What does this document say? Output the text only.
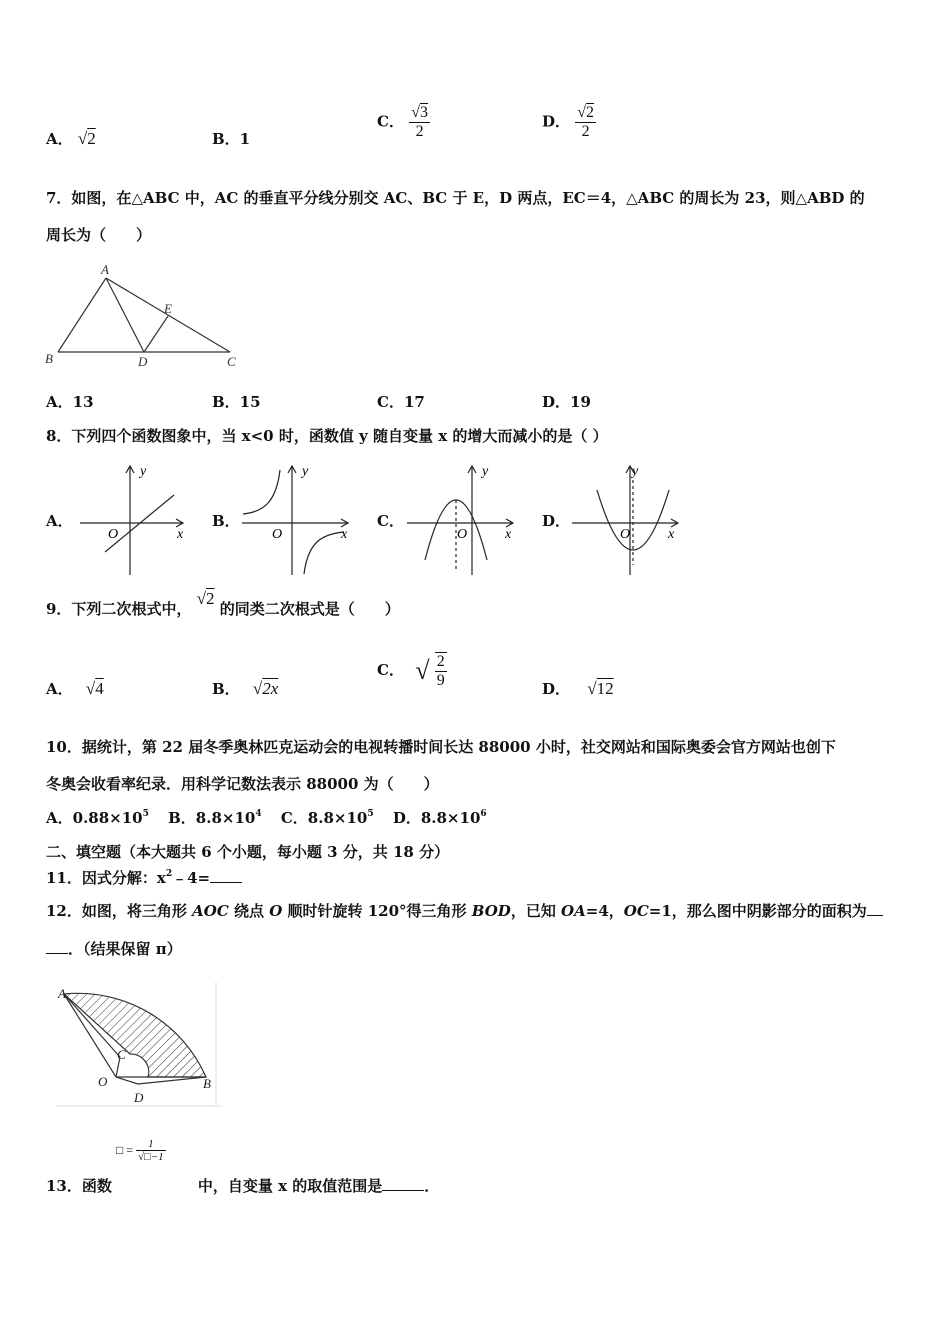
A． √2	B．1
C． $\frac{√3}{2}$	D． $\frac{√2}{2}$
7．如图，在△ABC 中，AC 的垂直平分线分别交 AC、BC 于 E，D 两点，EC＝4，△ABC 的周长为 23，则△ABD 的
周长为（　　）
A
B	C
D
E
A．13	B．15	C．17	D．19
8．下列四个函数图象中，当 x<0 时，函数值 y 随自变量 x 的增大而减小的是（ ）
A．	B．	C．	D．
y
x
O
y
x
O
y
x
O
y
x
O
9．下列二次根式中， √2 的同类二次根式是（　　）
A． √4	B． √2x
C． √ $\frac{2}{9}$	D． √12
10．据统计，第 22 届冬季奥林匹克运动会的电视转播时间长达 88000 小时，社交网站和国际奥委会官方网站也创下
冬奥会收看率纪录．用科学记数法表示 88000 为（　　）
A．$0.88\times 10^5$ B．$8.8\times 10^4$ C．$8.8\times 10^5$ D．$8.8\times 10^6$
二、填空题（本大题共 6 个小题，每小题 3 分，共 18 分）
11．因式分解：$x^2﹣4=$
12．如图，将三角形 AOC 绕点 O 顺时针旋转 120°得三角形 BOD，已知 OA=4，OC=1，那么图中阴影部分的面积为
．（结果保留 π）
A
B
C
D
O
□ = $\frac{1}{√□-1}$
13．函数	中，自变量 x 的取值范围是	．
